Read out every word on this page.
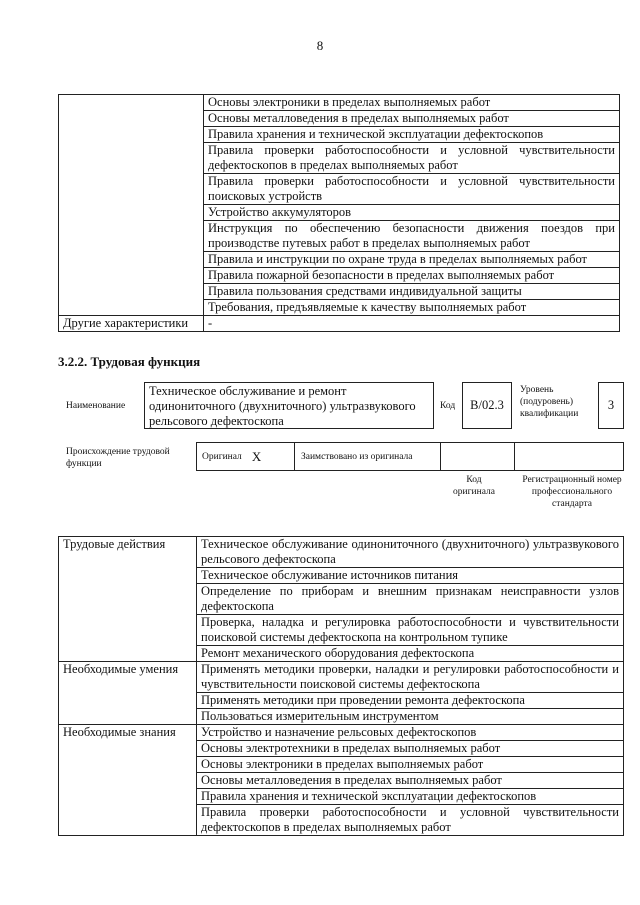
8
	Основы электроники в пределах выполняемых работ
	Основы металловедения в пределах выполняемых работ
	Правила хранения и технической эксплуатации дефектоскопов
	Правила проверки работоспособности и условной чувствительности дефектоскопов в пределах выполняемых работ
	Правила проверки работоспособности и условной чувствительности поисковых устройств
	Устройство аккумуляторов
	Инструкция по обеспечению безопасности движения поездов при производстве путевых работ в пределах выполняемых работ
	Правила и инструкции по охране труда в пределах выполняемых работ
	Правила пожарной безопасности в пределах выполняемых работ
	Правила пользования средствами индивидуальной защиты
	Требования, предъявляемые к качеству выполняемых работ
Другие характеристики	-
3.2.2. Трудовая функция
Наименование
Техническое обслуживание и ремонт одинониточного (двухниточного) ультразвукового рельсового дефектоскопа
Код B/02.3
Уровень (подуровень) квалификации
3
Происхождение трудовой функции
Оригинал X	Заимствовано из оригинала
Код оригинала
Регистрационный номер профессионального стандарта
Трудовые действия	Техническое обслуживание одинониточного (двухниточного) ультразвукового рельсового дефектоскопа
	Техническое обслуживание источников питания
	Определение по приборам и внешним признакам неисправности узлов дефектоскопа
	Проверка, наладка и регулировка работоспособности и чувствительности поисковой системы дефектоскопа на контрольном тупике
	Ремонт механического оборудования дефектоскопа
Необходимые умения	Применять методики проверки, наладки и регулировки работоспособности и чувствительности поисковой системы дефектоскопа
	Применять методики при проведении ремонта дефектоскопа
	Пользоваться измерительным инструментом
Необходимые знания	Устройство и назначение рельсовых дефектоскопов
	Основы электротехники в пределах выполняемых работ
	Основы электроники в пределах выполняемых работ
	Основы металловедения в пределах выполняемых работ
	Правила хранения и технической эксплуатации дефектоскопов
	Правила проверки работоспособности и условной чувствительности дефектоскопов в пределах выполняемых работ
